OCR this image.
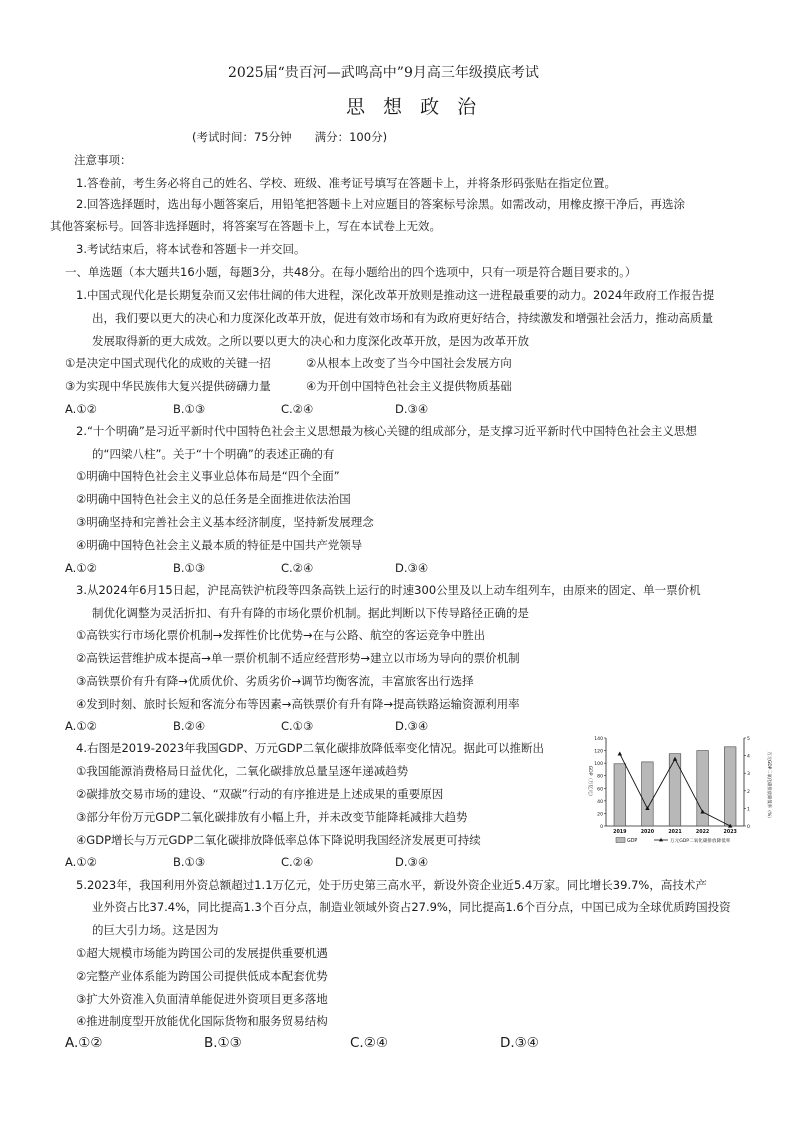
2025届“贵百河—武鸣高中”9月高三年级摸底考试
思 想 政 治
(考试时间：75分钟　　满分：100分)
注意事项：
1.答卷前，考生务必将自己的姓名、学校、班级、准考证号填写在答题卡上，并将条形码张贴在指定位置。
2.回答选择题时，选出每小题答案后，用铅笔把答题卡上对应题目的答案标号涂黑。如需改动，用橡皮擦干净后，再选涂
其他答案标号。回答非选择题时，将答案写在答题卡上，写在本试卷上无效。
3.考试结束后，将本试卷和答题卡一并交回。
一、单选题（本大题共16小题，每题3分，共48分。在每小题给出的四个选项中，只有一项是符合题目要求的。）
1.中国式现代化是长期复杂而又宏伟壮阔的伟大进程，深化改革开放则是推动这一进程最重要的动力。2024年政府工作报告提
出，我们要以更大的决心和力度深化改革开放，促进有效市场和有为政府更好结合，持续激发和增强社会活力，推动高质量
发展取得新的更大成效。之所以要以更大的决心和力度深化改革开放，是因为改革开放
①是决定中国式现代化的成败的关键一招	②从根本上改变了当今中国社会发展方向
③为实现中华民族伟大复兴提供磅礴力量	④为开创中国特色社会主义提供物质基础
A.①②	B.①③	C.②④	D.③④
2.“十个明确”是习近平新时代中国特色社会主义思想最为核心关键的组成部分，是支撑习近平新时代中国特色社会主义思想
的“四梁八柱”。关于“十个明确”的表述正确的有
①明确中国特色社会主义事业总体布局是“四个全面”
②明确中国特色社会主义的总任务是全面推进依法治国
③明确坚持和完善社会主义基本经济制度，坚持新发展理念
④明确中国特色社会主义最本质的特征是中国共产党领导
A.①②	B.①③	C.②④	D.③④
3.从2024年6月15日起，沪昆高铁沪杭段等四条高铁上运行的时速300公里及以上动车组列车，由原来的固定、单一票价机
制优化调整为灵活折扣、有升有降的市场化票价机制。据此判断以下传导路径正确的是
①高铁实行市场化票价机制→发挥性价比优势→在与公路、航空的客运竞争中胜出
②高铁运营维护成本提高→单一票价机制不适应经营形势→建立以市场为导向的票价机制
③高铁票价有升有降→优质优价、劣质劣价→调节均衡客流，丰富旅客出行选择
④发到时刻、旅时长短和客流分布等因素→高铁票价有升有降→提高铁路运输资源利用率
A.①②	B.②④	C.①③	D.③④
4.右图是2019-2023年我国GDP、万元GDP二氧化碳排放降低率变化情况。据此可以推断出
①我国能源消费格局日益优化，二氧化碳排放总量呈逐年递减趋势
②碳排放交易市场的建设、“双碳”行动的有序推进是上述成果的重要原因
③部分年份万元GDP二氧化碳排放有小幅上升，并未改变节能降耗减排大趋势
④GDP增长与万元GDP二氧化碳排放降低率总体下降说明我国经济发展更可持续
A.①②	B.①③	C.②④	D.③④
0
20
40
60
80
100
120
140
0
1
2
3
4
5
2019	2020	2021	2022	2023
GDP（万亿元）	万元GDP二氧化碳排放降低率（%）
GDP	万元GDP二氧化碳排放降低率
5.2023年，我国利用外资总额超过1.1万亿元，处于历史第三高水平，新设外资企业近5.4万家。同比增长39.7%，高技术产
业外资占比37.4%，同比提高1.3个百分点，制造业领域外资占27.9%，同比提高1.6个百分点，中国已成为全球优质跨国投资
的巨大引力场。这是因为
①超大规模市场能为跨国公司的发展提供重要机遇
②完整产业体系能为跨国公司提供低成本配套优势
③扩大外资准入负面清单能促进外资项目更多落地
④推进制度型开放能优化国际货物和服务贸易结构
A.①②	B.①③	C.②④	D.③④
